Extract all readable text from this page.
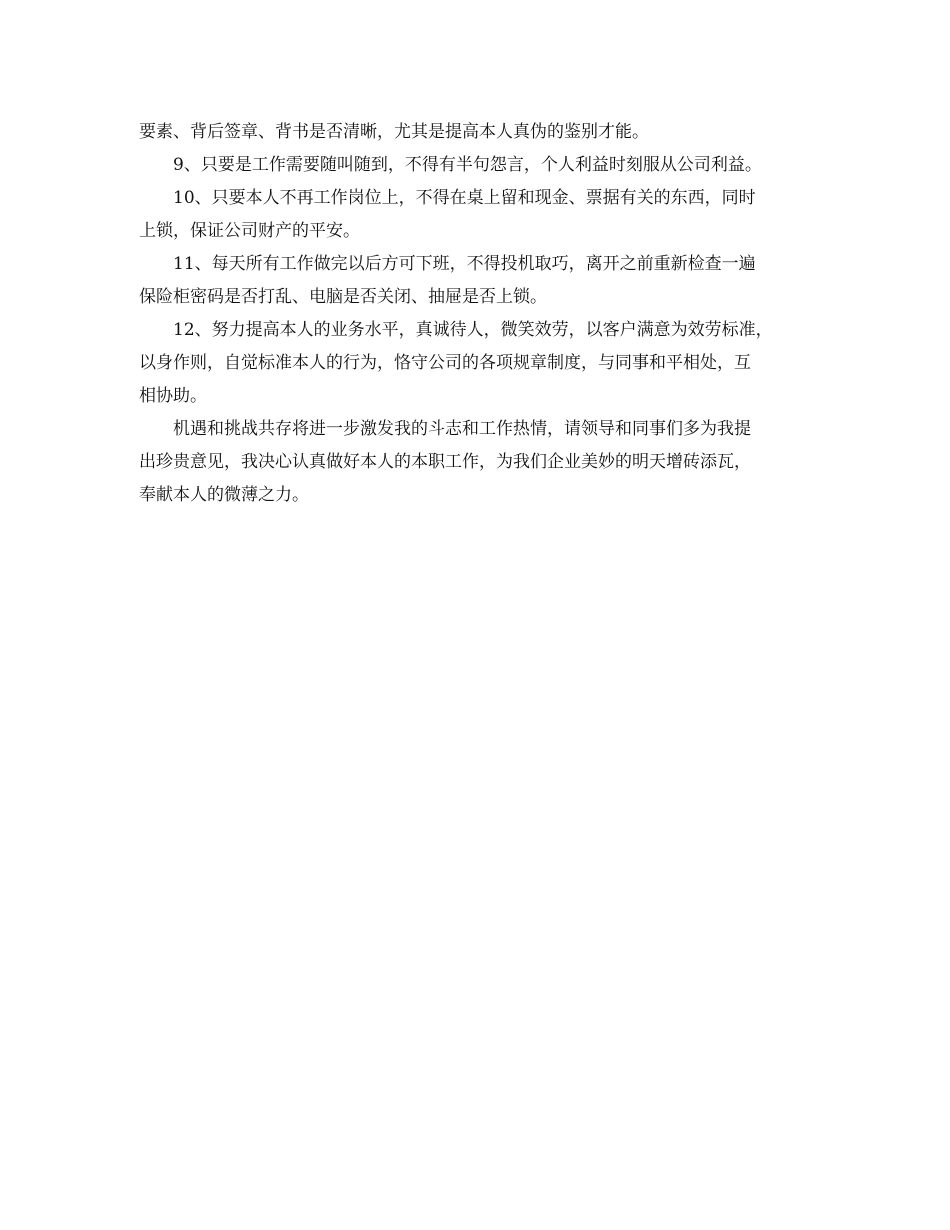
要素、背后签章、背书是否清晰，尤其是提高本人真伪的鉴别才能。
9、只要是工作需要随叫随到，不得有半句怨言，个人利益时刻服从公司利益。
10、只要本人不再工作岗位上，不得在桌上留和现金、票据有关的东西，同时
上锁，保证公司财产的平安。
11、每天所有工作做完以后方可下班，不得投机取巧，离开之前重新检查一遍
保险柜密码是否打乱、电脑是否关闭、抽屉是否上锁。
12、努力提高本人的业务水平，真诚待人，微笑效劳，以客户满意为效劳标准，
以身作则，自觉标准本人的行为，恪守公司的各项规章制度，与同事和平相处，互
相协助。
机遇和挑战共存将进一步激发我的斗志和工作热情，请领导和同事们多为我提
出珍贵意见，我决心认真做好本人的本职工作，为我们企业美妙的明天增砖添瓦，
奉献本人的微薄之力。
